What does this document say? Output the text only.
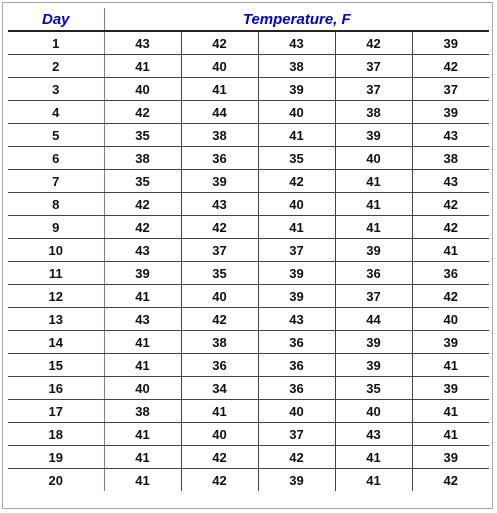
Day	Temperature, F				
1	43	42	43	42	39
2	41	40	38	37	42
3	40	41	39	37	37
4	42	44	40	38	39
5	35	38	41	39	43
6	38	36	35	40	38
7	35	39	42	41	43
8	42	43	40	41	42
9	42	42	41	41	42
10	43	37	37	39	41
11	39	35	39	36	36
12	41	40	39	37	42
13	43	42	43	44	40
14	41	38	36	39	39
15	41	36	36	39	41
16	40	34	36	35	39
17	38	41	40	40	41
18	41	40	37	43	41
19	41	42	42	41	39
20	41	42	39	41	42
